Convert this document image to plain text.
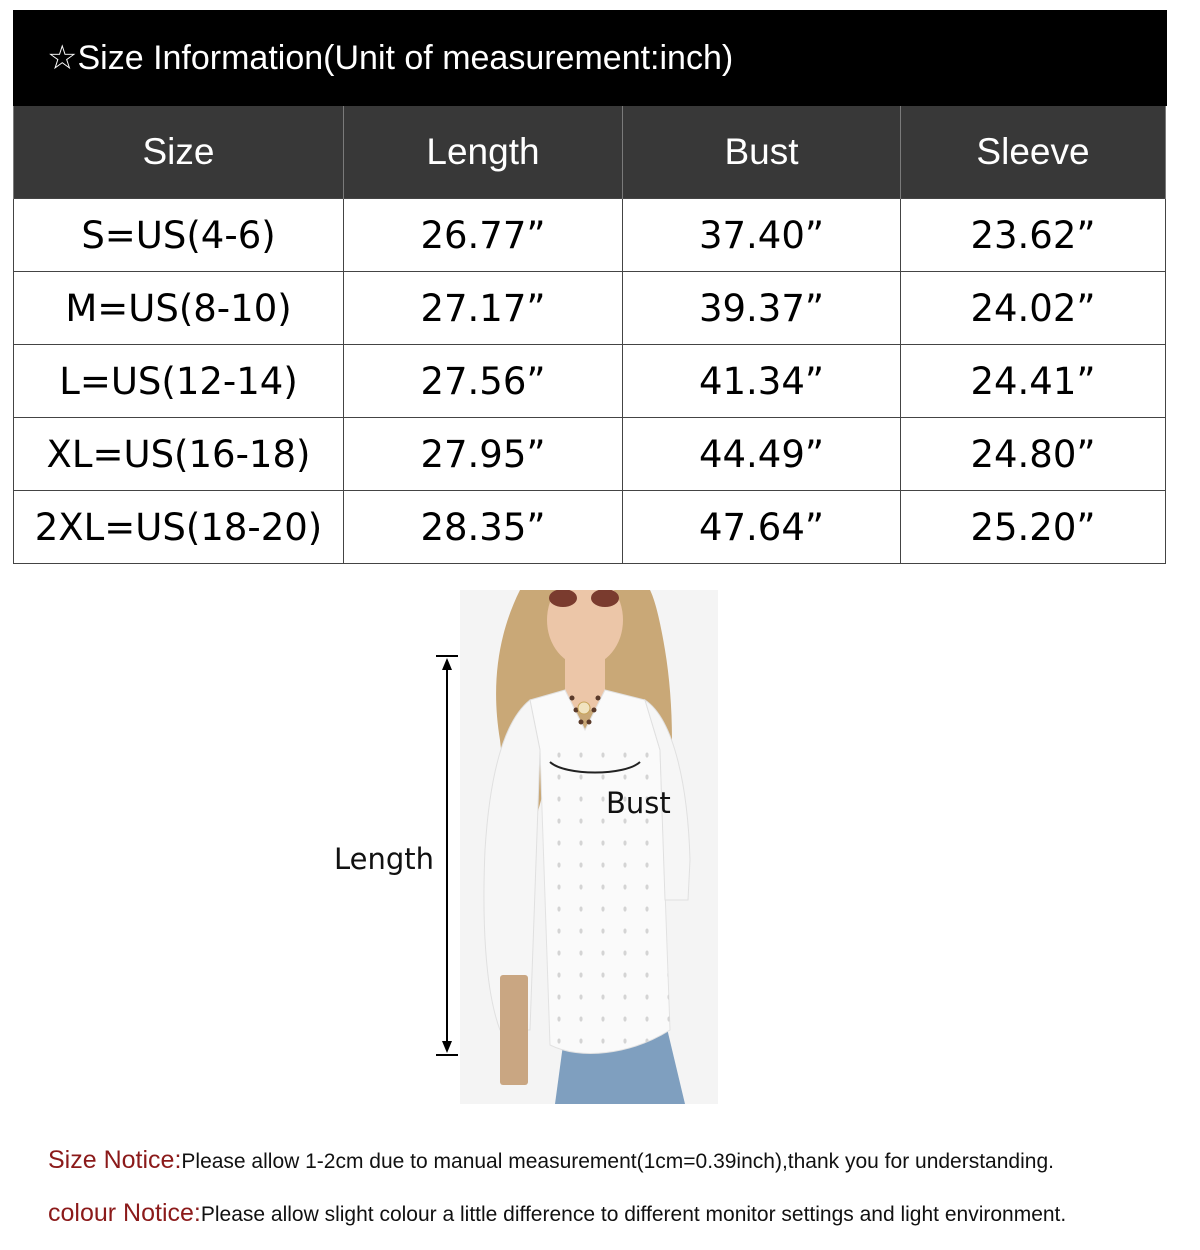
☆ Size Information(Unit of measurement:inch)
Size	Length	Bust	Sleeve
S=US(4-6)	26.77”	37.40”	23.62”
M=US(8-10)	27.17”	39.37”	24.02”
L=US(12-14)	27.56”	41.34”	24.41”
XL=US(16-18)	27.95”	44.49”	24.80”
2XL=US(18-20)	28.35”	47.64”	25.20”
Length
Bust
Size Notice:Please allow 1-2cm due to manual measurement(1cm=0.39inch),thank you for understanding.
colour Notice:Please allow slight colour a little difference to different monitor settings and light environment.
